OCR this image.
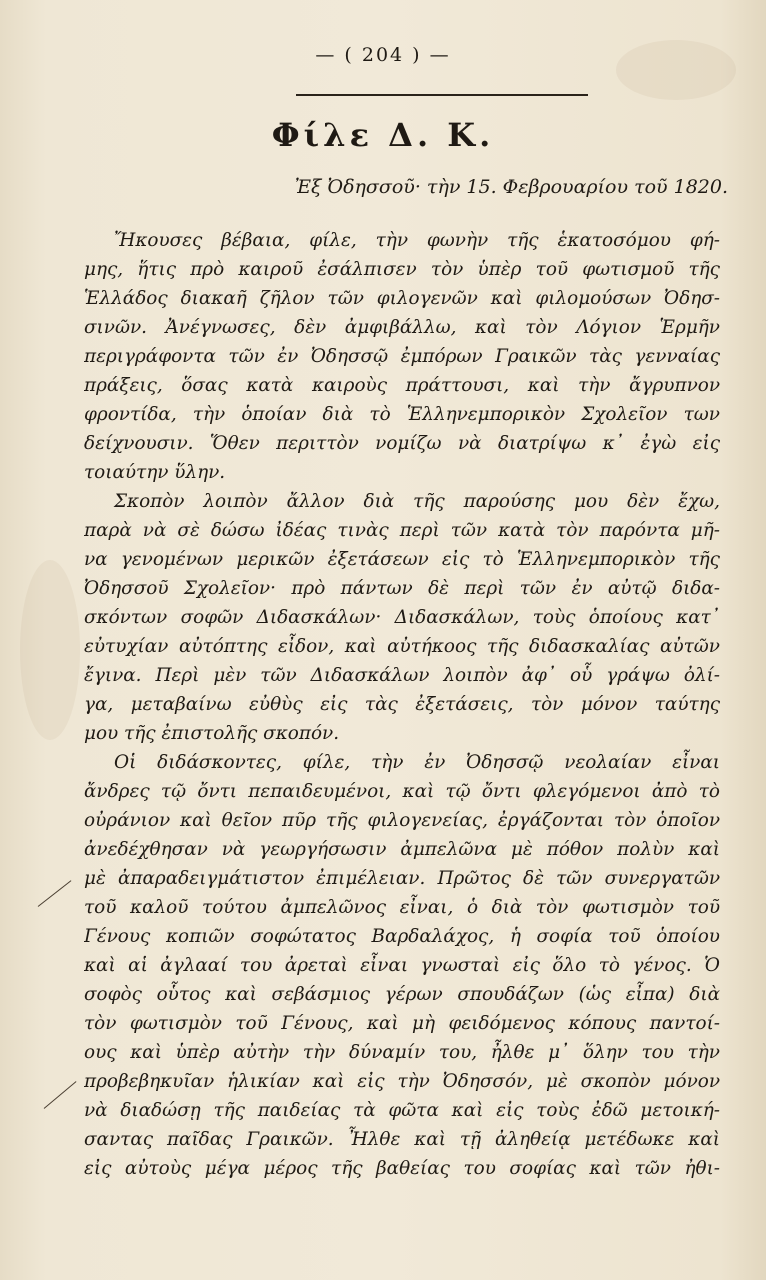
— ( 204 ) —
Φίλε Δ. Κ.
Ἐξ Ὀδησσοῦ· τὴν 15. Φεβρουαρίου τοῦ 1820.
Ἤκουσες βέβαια, φίλε, τὴν φωνὴν τῆς ἑκατοσόμου φή-
μης, ἥτις πρὸ καιροῦ ἐσάλπισεν τὸν ὑπὲρ τοῦ φωτισμοῦ τῆς
Ἑλλάδος διακαῆ ζῆλον τῶν φιλογενῶν καὶ φιλομούσων Ὀδησ-
σινῶν. Ἀνέγνωσες, δὲν ἀμφιβάλλω, καὶ τὸν Λόγιον Ἑρμῆν
περιγράφοντα τῶν ἐν Ὀδησσῷ ἐμπόρων Γραικῶν τὰς γενναίας
πράξεις, ὅσας κατὰ καιροὺς πράττουσι, καὶ τὴν ἄγρυπνον
φροντίδα, τὴν ὁποίαν διὰ τὸ Ἑλληνεμπορικὸν Σχολεῖον των
δείχνουσιν. Ὅθεν περιττὸν νομίζω νὰ διατρίψω κ᾽ ἐγὼ εἰς
τοιαύτην ὕλην.
Σκοπὸν λοιπὸν ἄλλον διὰ τῆς παρούσης μου δὲν ἔχω,
παρὰ νὰ σὲ δώσω ἰδέας τινὰς περὶ τῶν κατὰ τὸν παρόντα μῆ-
να γενομένων μερικῶν ἐξετάσεων εἰς τὸ Ἑλληνεμπορικὸν τῆς
Ὀδησσοῦ Σχολεῖον· πρὸ πάντων δὲ περὶ τῶν ἐν αὐτῷ διδα-
σκόντων σοφῶν Διδασκάλων· Διδασκάλων, τοὺς ὁποίους κατ᾽
εὐτυχίαν αὐτόπτης εἶδον, καὶ αὐτήκοος τῆς διδασκαλίας αὐτῶν
ἔγινα. Περὶ μὲν τῶν Διδασκάλων λοιπὸν ἀφ᾽ οὗ γράψω ὀλί-
γα, μεταβαίνω εὐθὺς εἰς τὰς ἐξετάσεις, τὸν μόνον ταύτης
μου τῆς ἐπιστολῆς σκοπόν.
Οἱ διδάσκοντες, φίλε, τὴν ἐν Ὀδησσῷ νεολαίαν εἶναι
ἄνδρες τῷ ὄντι πεπαιδευμένοι, καὶ τῷ ὄντι φλεγόμενοι ἀπὸ τὸ
οὐράνιον καὶ θεῖον πῦρ τῆς φιλογενείας, ἐργάζονται τὸν ὁποῖον
ἀνεδέχθησαν νὰ γεωργήσωσιν ἀμπελῶνα μὲ πόθον πολὺν καὶ
μὲ ἀπαραδειγμάτιστον ἐπιμέλειαν. Πρῶτος δὲ τῶν συνεργατῶν
τοῦ καλοῦ τούτου ἀμπελῶνος εἶναι, ὁ διὰ τὸν φωτισμὸν τοῦ
Γένους κοπιῶν σοφώτατος Βαρδαλάχος, ἡ σοφία τοῦ ὁποίου
καὶ αἱ ἀγλααί του ἀρεταὶ εἶναι γνωσταὶ εἰς ὅλο τὸ γένος. Ὁ
σοφὸς οὗτος καὶ σεβάσμιος γέρων σπουδάζων (ὡς εἶπα) διὰ
τὸν φωτισμὸν τοῦ Γένους, καὶ μὴ φειδόμενος κόπους παντοί-
ους καὶ ὑπὲρ αὐτὴν τὴν δύναμίν του, ἦλθε μ᾽ ὅλην του τὴν
προβεβηκυῖαν ἡλικίαν καὶ εἰς τὴν Ὀδησσόν, μὲ σκοπὸν μόνον
νὰ διαδώσῃ τῆς παιδείας τὰ φῶτα καὶ εἰς τοὺς ἐδῶ μετοική-
σαντας παῖδας Γραικῶν. Ἦλθε καὶ τῇ ἀληθείᾳ μετέδωκε καὶ
εἰς αὐτοὺς μέγα μέρος τῆς βαθείας του σοφίας καὶ τῶν ἠθι-
